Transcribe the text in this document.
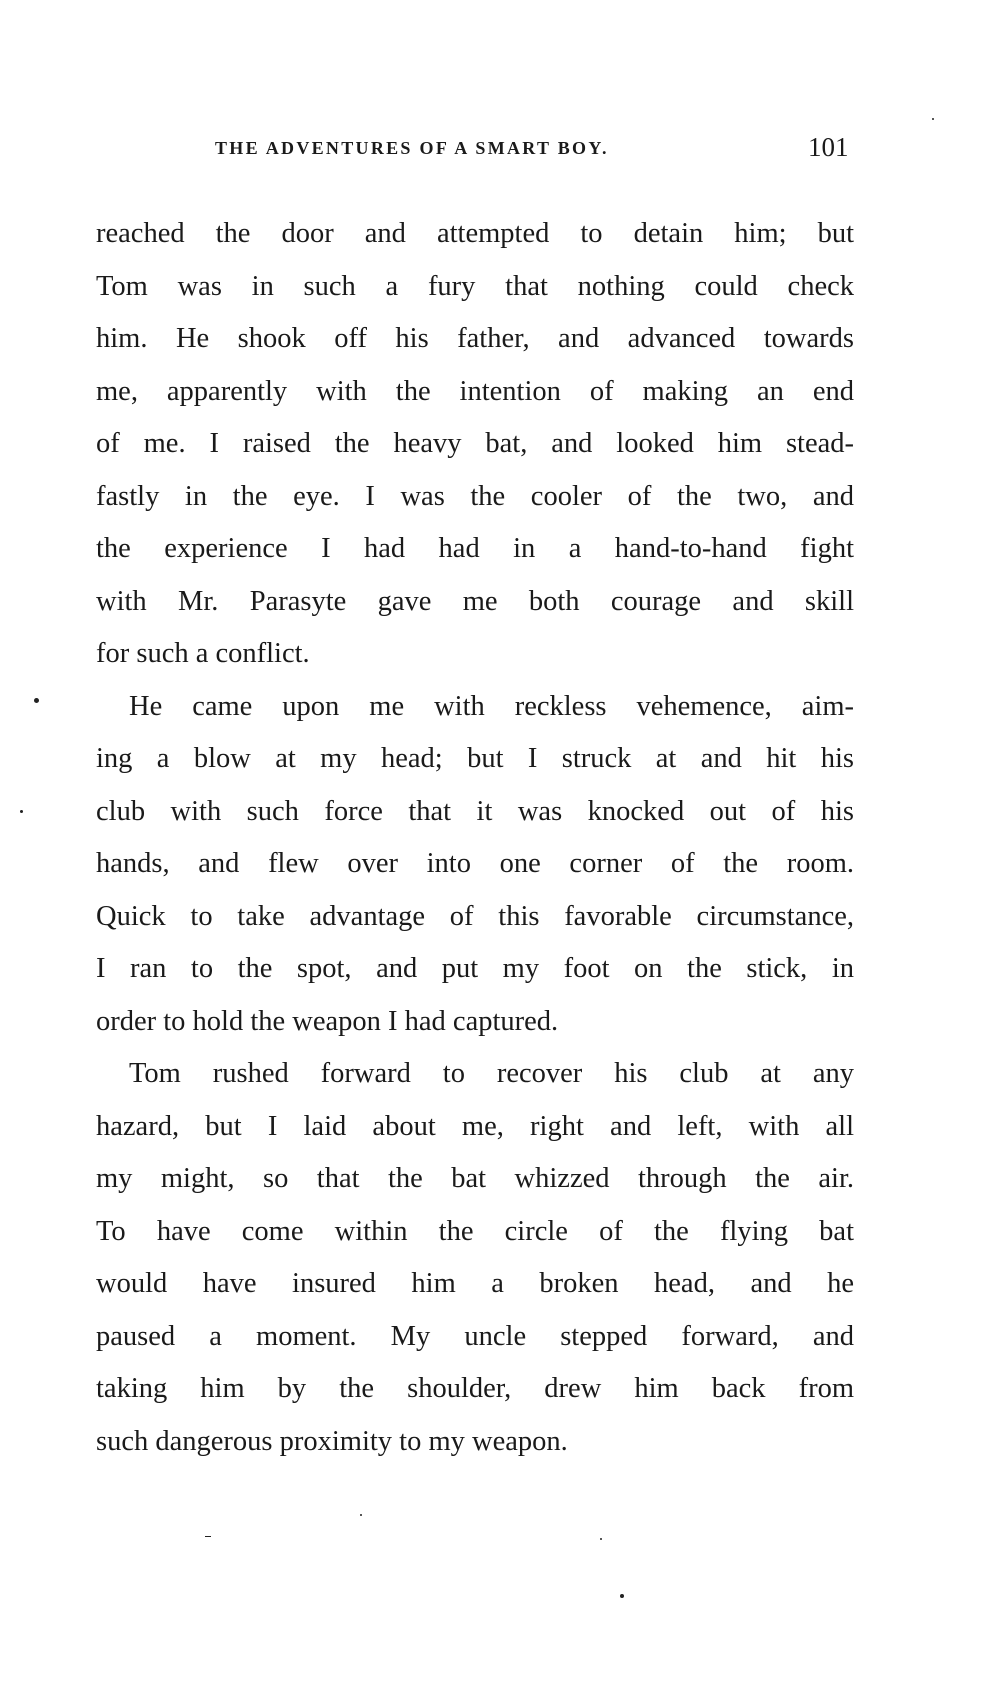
THE ADVENTURES OF A SMART BOY.	101
reached the door and attempted to detain him; but
Tom was in such a fury that nothing could check
him. He shook off his father, and advanced towards
me, apparently with the intention of making an end
of me. I raised the heavy bat, and looked him stead-
fastly in the eye. I was the cooler of the two, and
the experience I had had in a hand-to-hand fight
with Mr. Parasyte gave me both courage and skill
for such a conflict.
He came upon me with reckless vehemence, aim-
ing a blow at my head; but I struck at and hit his
club with such force that it was knocked out of his
hands, and flew over into one corner of the room.
Quick to take advantage of this favorable circumstance,
I ran to the spot, and put my foot on the stick, in
order to hold the weapon I had captured.
Tom rushed forward to recover his club at any
hazard, but I laid about me, right and left, with all
my might, so that the bat whizzed through the air.
To have come within the circle of the flying bat
would have insured him a broken head, and he
paused a moment. My uncle stepped forward, and
taking him by the shoulder, drew him back from
such dangerous proximity to my weapon.
